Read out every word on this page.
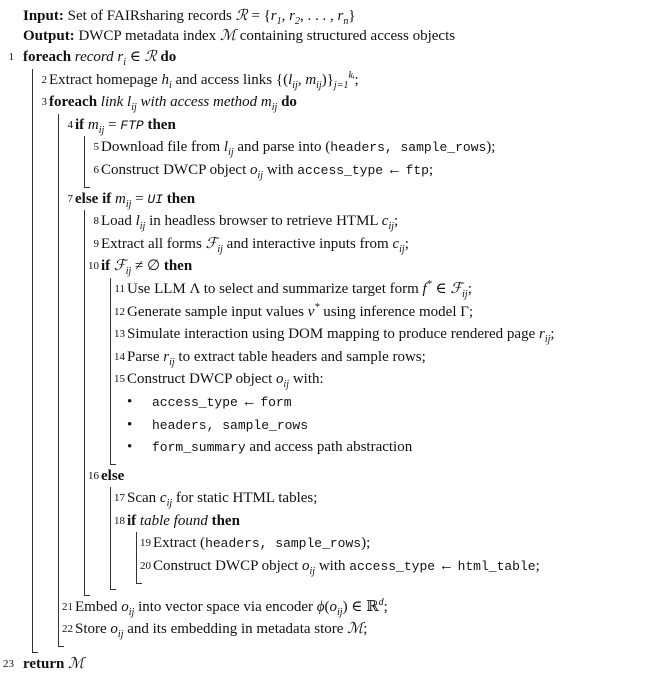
Input: Set of FAIRsharing records ℛ = {$r_1$, $r_2$, . . . , $r_n$}
Output: DWCP metadata index ℳ containing structured access objects
1 foreach record $r_i$ ∈ ℛ do
2 Extract homepage $h_i$ and access links {($l_{ij}$, $m_{ij})\}_{j=1}^{kᵢ}$;
3 foreach link $l_{ij}$ with access method $m_{ij}$ do
4 if $m_{ij}$ = FTP then
5 Download file from $l_{ij}$ and parse into (headers, sample_rows);
6 Construct DWCP object $o_{ij}$ with access_type ← ftp;
7 else if $m_{ij}$ = UI then
8 Load $l_{ij}$ in headless browser to retrieve HTML $c_{ij}$;
9 Extract all forms ℱ$_{ij}$ and interactive inputs from $c_{ij}$;
10 if ℱ$_{ij}$ ≠ ∅ then
11 Use LLM Λ to select and summarize target form f* ∈ ℱ$_{ij}$;
12 Generate sample input values v* using inference model Γ;
13 Simulate interaction using DOM mapping to produce rendered page $r_{ij}$;
14 Parse $r_{ij}$ to extract table headers and sample rows;
15 Construct DWCP object $o_{ij}$ with:
• access_type ← form
• headers, sample_rows
• form_summary and access path abstraction
16 else
17 Scan $c_{ij}$ for static HTML tables;
18 if table found then
19 Extract (headers, sample_rows);
20 Construct DWCP object $o_{ij}$ with access_type ← html_table;
21 Embed $o_{ij}$ into vector space via encoder $\phi(o_{ij})$ ∈ ℝ$^d$;
22 Store $o_{ij}$ and its embedding in metadata store ℳ;
23 return ℳ
